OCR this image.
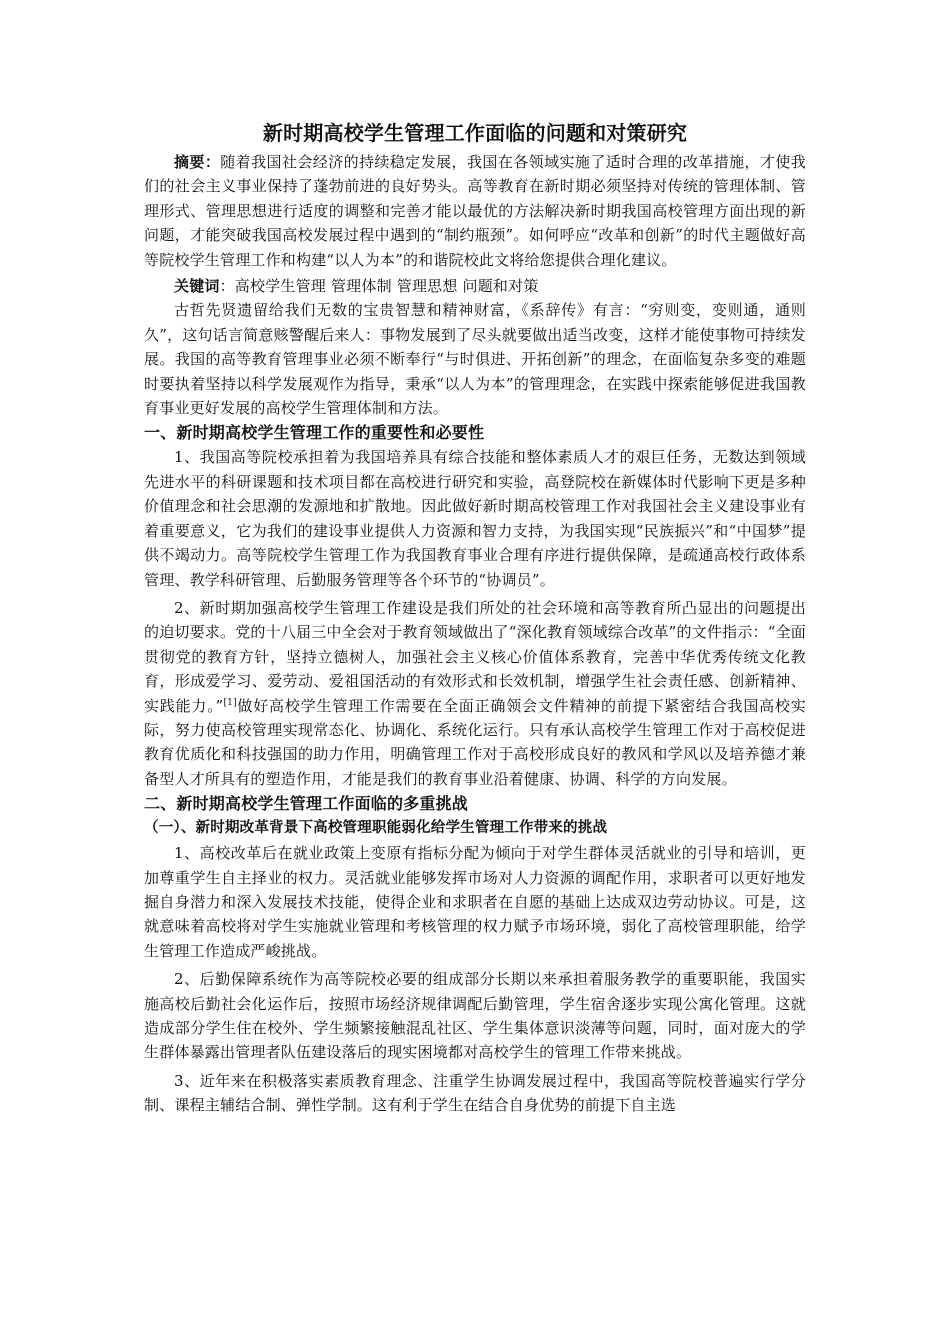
新时期高校学生管理工作面临的问题和对策研究

摘要：随着我国社会经济的持续稳定发展，我国在各领域实施了适时合理的改革措施，才使我们的社会主义事业保持了蓬勃前进的良好势头。高等教育在新时期必须坚持对传统的管理体制、管理形式、管理思想进行适度的调整和完善才能以最优的方法解决新时期我国高校管理方面出现的新问题，才能突破我国高校发展过程中遇到的“制约瓶颈”。如何呼应“改革和创新”的时代主题做好高等院校学生管理工作和构建“以人为本”的和谐院校此文将给您提供合理化建议。

关键词：高校学生管理 管理体制 管理思想 问题和对策

古哲先贤遗留给我们无数的宝贵智慧和精神财富，《系辞传》有言：“穷则变，变则通，通则久”，这句话言简意赅警醒后来人：事物发展到了尽头就要做出适当改变，这样才能使事物可持续发展。我国的高等教育管理事业必须不断奉行“与时俱进、开拓创新”的理念，在面临复杂多变的难题时要执着坚持以科学发展观作为指导，秉承“以人为本”的管理理念，在实践中探索能够促进我国教育事业更好发展的高校学生管理体制和方法。

一、新时期高校学生管理工作的重要性和必要性

1、我国高等院校承担着为我国培养具有综合技能和整体素质人才的艰巨任务，无数达到领域先进水平的科研课题和技术项目都在高校进行研究和实验，高登院校在新媒体时代影响下更是多种价值理念和社会思潮的发源地和扩散地。因此做好新时期高校管理工作对我国社会主义建设事业有着重要意义，它为我们的建设事业提供人力资源和智力支持，为我国实现“民族振兴”和“中国梦”提供不竭动力。高等院校学生管理工作为我国教育事业合理有序进行提供保障，是疏通高校行政体系管理、教学科研管理、后勤服务管理等各个环节的“协调员”。

2、新时期加强高校学生管理工作建设是我们所处的社会环境和高等教育所凸显出的问题提出的迫切要求。党的十八届三中全会对于教育领域做出了“深化教育领域综合改革”的文件指示：“全面贯彻党的教育方针，坚持立德树人，加强社会主义核心价值体系教育，完善中华优秀传统文化教育，形成爱学习、爱劳动、爱祖国活动的有效形式和长效机制，增强学生社会责任感、创新精神、实践能力。”[1]做好高校学生管理工作需要在全面正确领会文件精神的前提下紧密结合我国高校实际，努力使高校管理实现常态化、协调化、系统化运行。只有承认高校学生管理工作对于高校促进教育优质化和科技强国的助力作用，明确管理工作对于高校形成良好的教风和学风以及培养德才兼备型人才所具有的塑造作用，才能是我们的教育事业沿着健康、协调、科学的方向发展。

二、新时期高校学生管理工作面临的多重挑战
（一）、新时期改革背景下高校管理职能弱化给学生管理工作带来的挑战

1、高校改革后在就业政策上变原有指标分配为倾向于对学生群体灵活就业的引导和培训，更加尊重学生自主择业的权力。灵活就业能够发挥市场对人力资源的调配作用，求职者可以更好地发掘自身潜力和深入发展技术技能，使得企业和求职者在自愿的基础上达成双边劳动协议。可是，这就意味着高校将对学生实施就业管理和考核管理的权力赋予市场环境，弱化了高校管理职能，给学生管理工作造成严峻挑战。

2、后勤保障系统作为高等院校必要的组成部分长期以来承担着服务教学的重要职能，我国实施高校后勤社会化运作后，按照市场经济规律调配后勤管理，学生宿舍逐步实现公寓化管理。这就造成部分学生住在校外、学生频繁接触混乱社区、学生集体意识淡薄等问题，同时，面对庞大的学生群体暴露出管理者队伍建设落后的现实困境都对高校学生的管理工作带来挑战。

3、近年来在积极落实素质教育理念、注重学生协调发展过程中，我国高等院校普遍实行学分制、课程主辅结合制、弹性学制。这有利于学生在结合自身优势的前提下自主选
